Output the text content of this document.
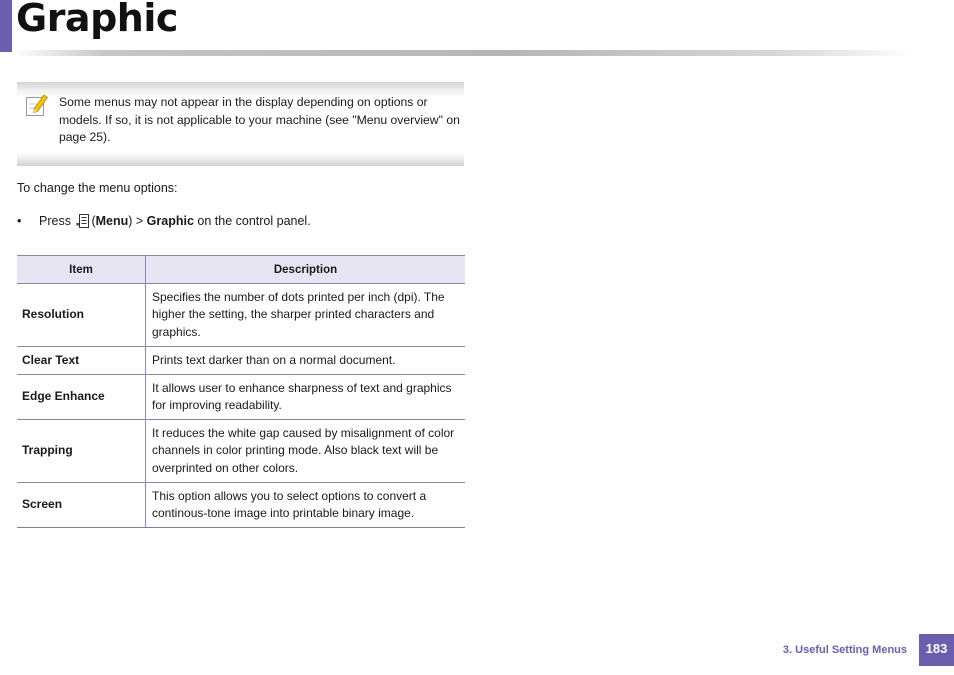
Graphic
Some menus may not appear in the display depending on options or models. If so, it is not applicable to your machine (see "Menu overview" on page 25).
To change the menu options:
• Press (Menu) > Graphic on the control panel.
Item	Description
Resolution	Specifies the number of dots printed per inch (dpi). The higher the setting, the sharper printed characters and graphics.
Clear Text	Prints text darker than on a normal document.
Edge Enhance	It allows user to enhance sharpness of text and graphics for improving readability.
Trapping	It reduces the white gap caused by misalignment of color channels in color printing mode. Also black text will be overprinted on other colors.
Screen	This option allows you to select options to convert a continous-tone image into printable binary image.
3. Useful Setting Menus	183
